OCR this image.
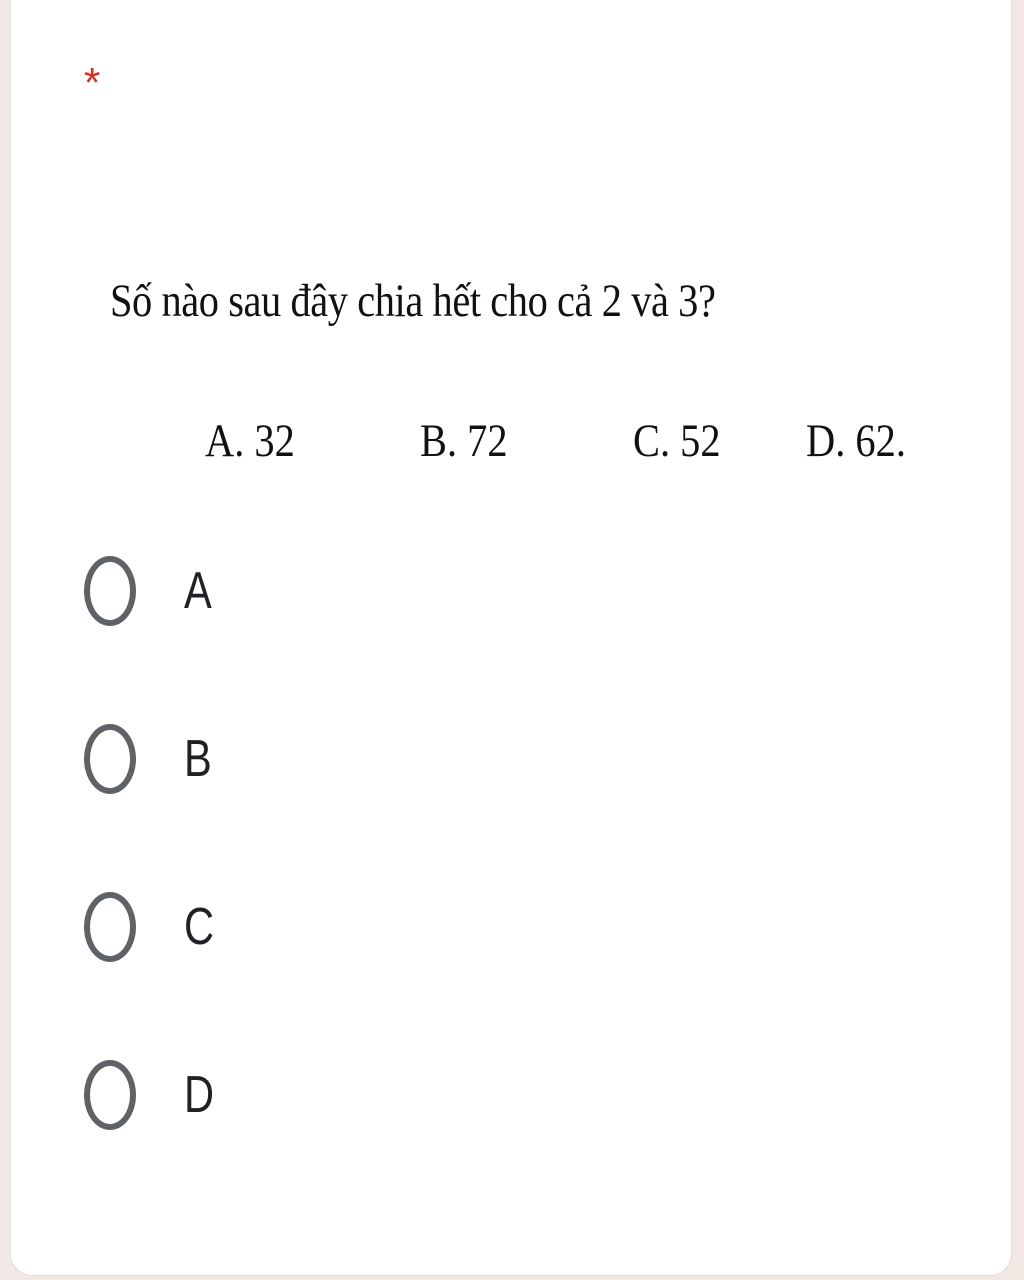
*
Số nào sau đây chia hết cho cả 2 và 3?
A. 32	B. 72	C. 52 D. 62.
A
B
C
D
